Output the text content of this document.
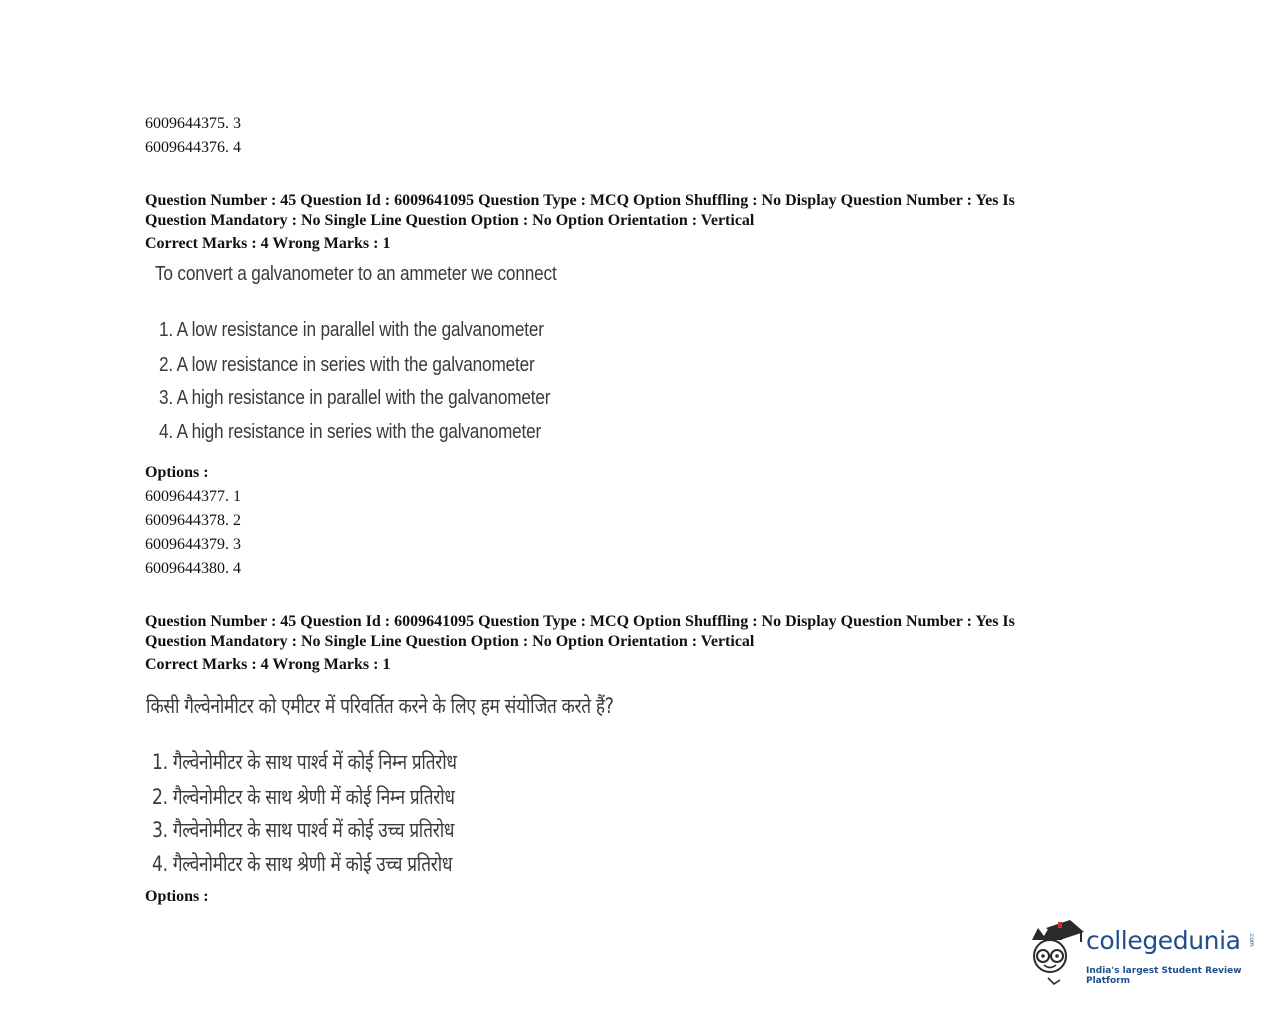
6009644375. 3
6009644376. 4
Question Number : 45 Question Id : 6009641095 Question Type : MCQ Option Shuffling : No Display Question Number : Yes Is
Question Mandatory : No Single Line Question Option : No Option Orientation : Vertical
Correct Marks : 4 Wrong Marks : 1
To convert a galvanometer to an ammeter we connect
1. A low resistance in parallel with the galvanometer
2. A low resistance in series with the galvanometer
3. A high resistance in parallel with the galvanometer
4. A high resistance in series with the galvanometer
Options :
6009644377. 1
6009644378. 2
6009644379. 3
6009644380. 4
Question Number : 45 Question Id : 6009641095 Question Type : MCQ Option Shuffling : No Display Question Number : Yes Is
Question Mandatory : No Single Line Question Option : No Option Orientation : Vertical
Correct Marks : 4 Wrong Marks : 1
किसी गैल्वेनोमीटर को एमीटर में परिवर्तित करने के लिए हम संयोजित करते हैं?
1. गैल्वेनोमीटर के साथ पार्श्व में कोई निम्न प्रतिरोध
2. गैल्वेनोमीटर के साथ श्रेणी में कोई निम्न प्रतिरोध
3. गैल्वेनोमीटर के साथ पार्श्व में कोई उच्च प्रतिरोध
4. गैल्वेनोमीटर के साथ श्रेणी में कोई उच्च प्रतिरोध
Options :
collegedunia .com
India's largest Student Review Platform
